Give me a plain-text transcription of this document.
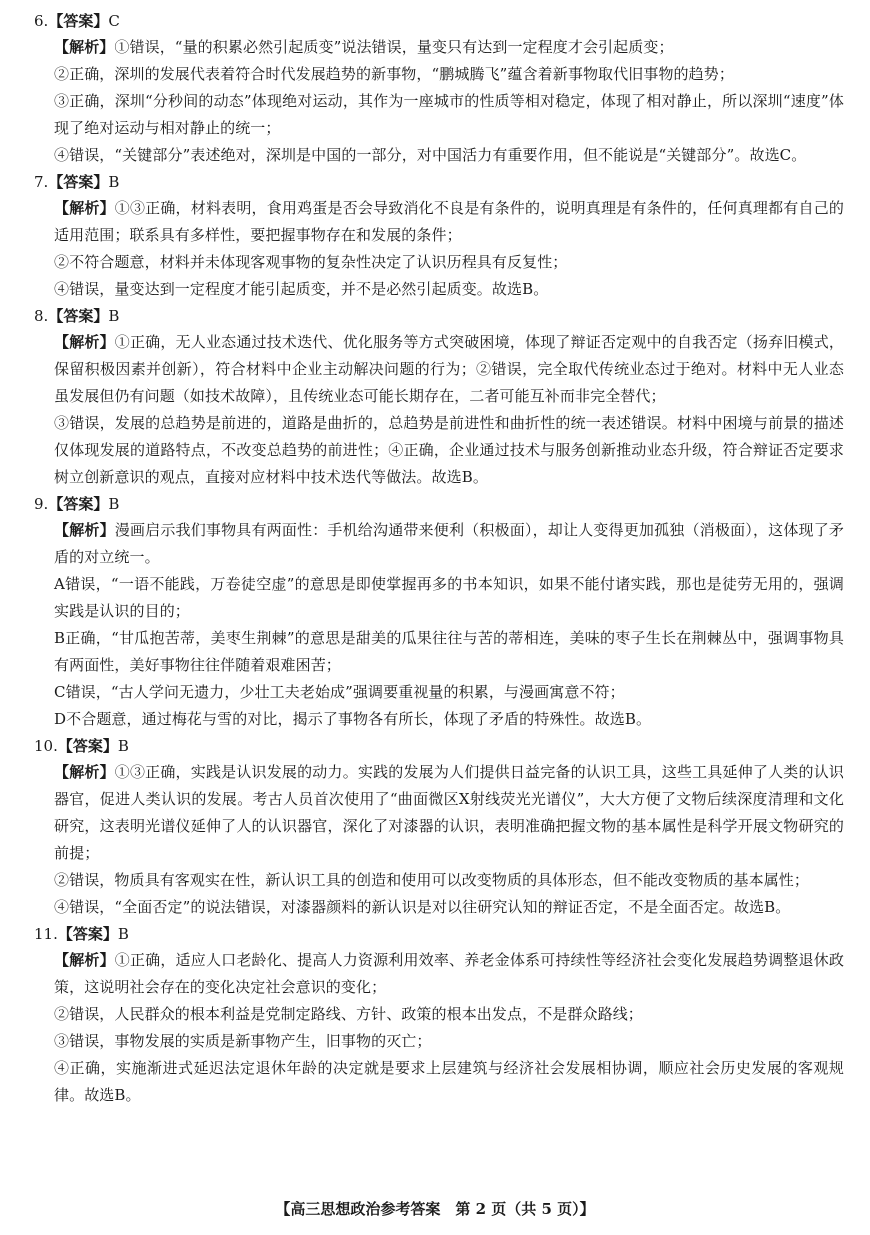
6.【答案】C

【解析】①错误，“量的积累必然引起质变”说法错误，量变只有达到一定程度才会引起质变；

②正确，深圳的发展代表着符合时代发展趋势的新事物，“鹏城腾飞”蕴含着新事物取代旧事物的趋势；

③正确，深圳“分秒间的动态”体现绝对运动，其作为一座城市的性质等相对稳定，体现了相对静止，所以深圳“速度”体现了绝对运动与相对静止的统一；

④错误，“关键部分”表述绝对，深圳是中国的一部分，对中国活力有重要作用，但不能说是“关键部分”。故选C。

7.【答案】B

【解析】①③正确，材料表明，食用鸡蛋是否会导致消化不良是有条件的，说明真理是有条件的，任何真理都有自己的适用范围；联系具有多样性，要把握事物存在和发展的条件；

②不符合题意，材料并未体现客观事物的复杂性决定了认识历程具有反复性；

④错误，量变达到一定程度才能引起质变，并不是必然引起质变。故选B。

8.【答案】B

【解析】①正确，无人业态通过技术迭代、优化服务等方式突破困境，体现了辩证否定观中的自我否定（扬弃旧模式，保留积极因素并创新），符合材料中企业主动解决问题的行为；②错误，完全取代传统业态过于绝对。材料中无人业态虽发展但仍有问题（如技术故障），且传统业态可能长期存在，二者可能互补而非完全替代；

③错误，发展的总趋势是前进的，道路是曲折的，总趋势是前进性和曲折性的统一表述错误。材料中困境与前景的描述仅体现发展的道路特点，不改变总趋势的前进性；④正确，企业通过技术与服务创新推动业态升级，符合辩证否定要求树立创新意识的观点，直接对应材料中技术迭代等做法。故选B。

9.【答案】B

【解析】漫画启示我们事物具有两面性：手机给沟通带来便利（积极面），却让人变得更加孤独（消极面），这体现了矛盾的对立统一。

A错误，“一语不能践，万卷徒空虚”的意思是即使掌握再多的书本知识，如果不能付诸实践，那也是徒劳无用的，强调实践是认识的目的；

B正确，“甘瓜抱苦蒂，美枣生荆棘”的意思是甜美的瓜果往往与苦的蒂相连，美味的枣子生长在荆棘丛中，强调事物具有两面性，美好事物往往伴随着艰难困苦；

C错误，“古人学问无遗力，少壮工夫老始成”强调要重视量的积累，与漫画寓意不符；

D不合题意，通过梅花与雪的对比，揭示了事物各有所长，体现了矛盾的特殊性。故选B。

10.【答案】B

【解析】①③正确，实践是认识发展的动力。实践的发展为人们提供日益完备的认识工具，这些工具延伸了人类的认识器官，促进人类认识的发展。考古人员首次使用了“曲面微区X射线荧光光谱仪”，大大方便了文物后续深度清理和文化研究，这表明光谱仪延伸了人的认识器官，深化了对漆器的认识，表明准确把握文物的基本属性是科学开展文物研究的前提；

②错误，物质具有客观实在性，新认识工具的创造和使用可以改变物质的具体形态，但不能改变物质的基本属性；

④错误，“全面否定”的说法错误，对漆器颜料的新认识是对以往研究认知的辩证否定，不是全面否定。故选B。

11.【答案】B

【解析】①正确，适应人口老龄化、提高人力资源利用效率、养老金体系可持续性等经济社会变化发展趋势调整退休政策，这说明社会存在的变化决定社会意识的变化；

②错误，人民群众的根本利益是党制定路线、方针、政策的根本出发点，不是群众路线；

③错误，事物发展的实质是新事物产生，旧事物的灭亡；

④正确，实施渐进式延迟法定退休年龄的决定就是要求上层建筑与经济社会发展相协调，顺应社会历史发展的客观规律。故选B。

【高三思想政治参考答案　第 2 页（共 5 页）】
